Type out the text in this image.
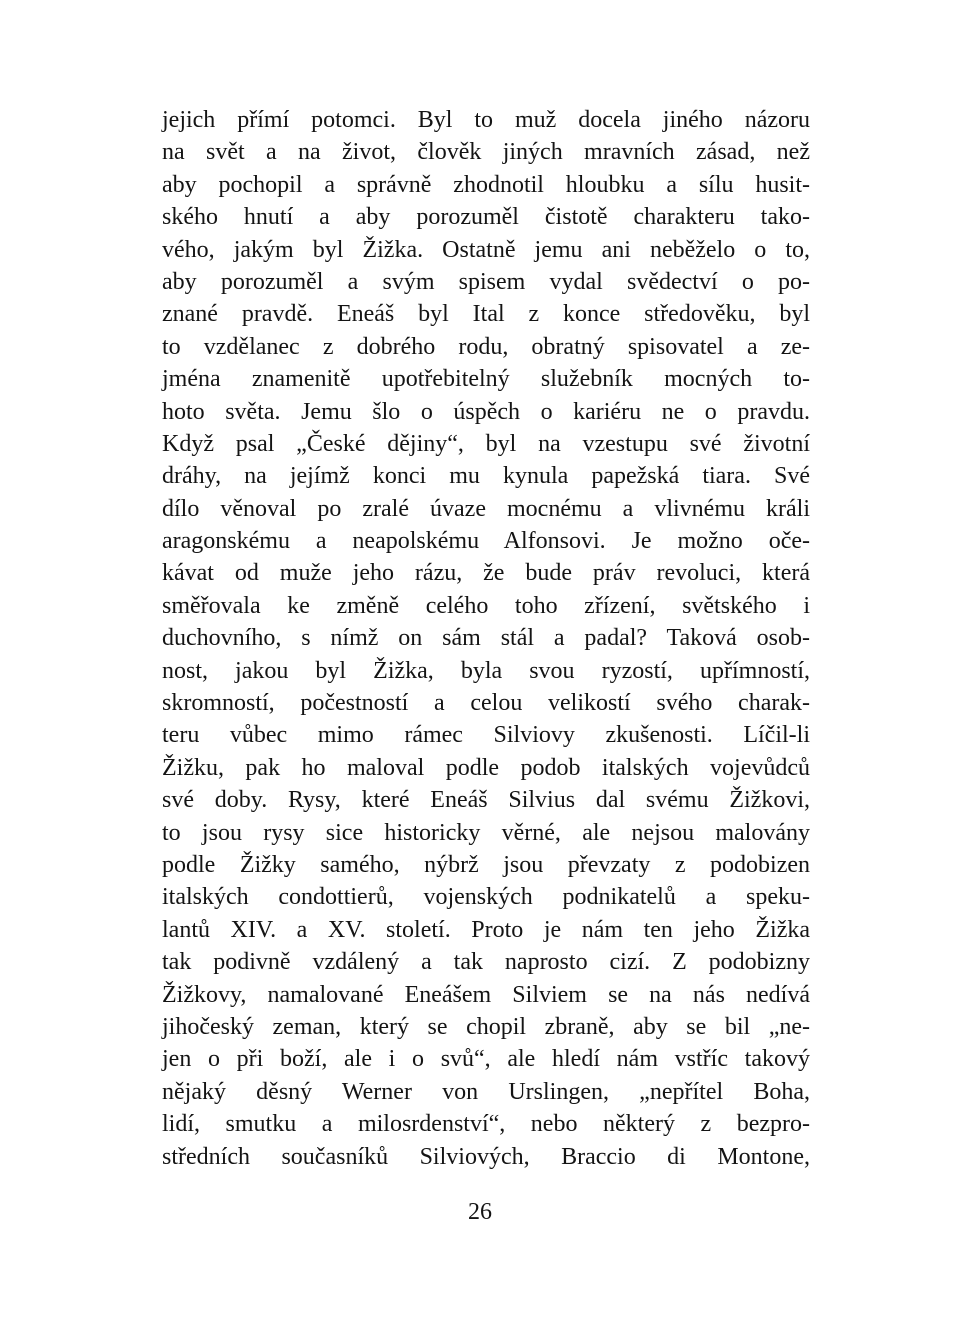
jejich přímí potomci. Byl to muž docela jiného názoru
na svět a na život, člověk jiných mravních zásad, než
aby pochopil a správně zhodnotil hloubku a sílu husit-
ského hnutí a aby porozuměl čistotě charakteru tako-
vého, jakým byl Žižka. Ostatně jemu ani neběželo o to,
aby porozuměl a svým spisem vydal svědectví o po-
znané pravdě. Eneáš byl Ital z konce středověku, byl
to vzdělanec z dobrého rodu, obratný spisovatel a ze-
jména znamenitě upotřebitelný služebník mocných to-
hoto světa. Jemu šlo o úspěch o kariéru ne o pravdu.
Když psal „České dějiny“, byl na vzestupu své životní
dráhy, na jejímž konci mu kynula papežská tiara. Své
dílo věnoval po zralé úvaze mocnému a vlivnému králi
aragonskému a neapolskému Alfonsovi. Je možno oče-
kávat od muže jeho rázu, že bude práv revoluci, která
směřovala ke změně celého toho zřízení, světského i
duchovního, s nímž on sám stál a padal? Taková osob-
nost, jakou byl Žižka, byla svou ryzostí, upřímností,
skromností, počestností a celou velikostí svého charak-
teru vůbec mimo rámec Silviovy zkušenosti. Líčil-li
Žižku, pak ho maloval podle podob italských vojevůdců
své doby. Rysy, které Eneáš Silvius dal svému Žižkovi,
to jsou rysy sice historicky věrné, ale nejsou malovány
podle Žižky samého, nýbrž jsou převzaty z podobizen
italských condottierů, vojenských podnikatelů a speku-
lantů XIV. a XV. století. Proto je nám ten jeho Žižka
tak podivně vzdálený a tak naprosto cizí. Z podobizny
Žižkovy, namalované Eneášem Silviem se na nás nedívá
jihočeský zeman, který se chopil zbraně, aby se bil „ne-
jen o při boží, ale i o svů“, ale hledí nám vstříc takový
nějaký děsný Werner von Urslingen, „nepřítel Boha,
lidí, smutku a milosrdenství“, nebo některý z bezpro-
středních současníků Silviových, Braccio di Montone,
26
